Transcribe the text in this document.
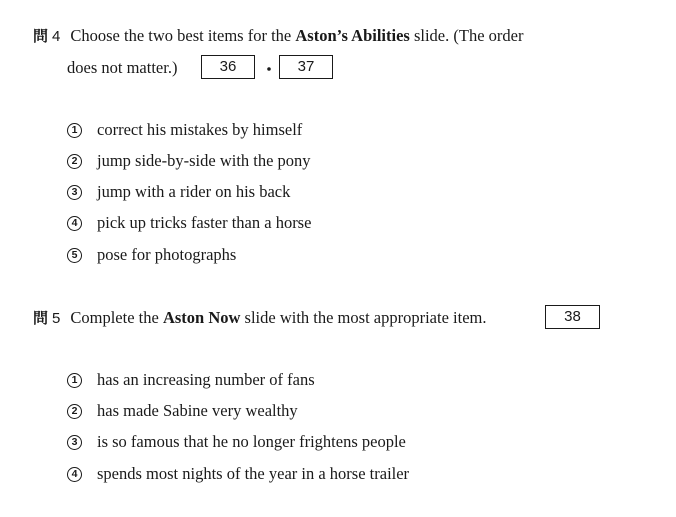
問 4 Choose the two best items for the Aston’s Abilities slide. (The order
does not matter.)	36	・	37
1 correct his mistakes by himself
2 jump side-by-side with the pony
3 jump with a rider on his back
4 pick up tricks faster than a horse
5 pose for photographs
問 5 Complete the Aston Now slide with the most appropriate item.	38
1 has an increasing number of fans
2 has made Sabine very wealthy
3 is so famous that he no longer frightens people
4 spends most nights of the year in a horse trailer
